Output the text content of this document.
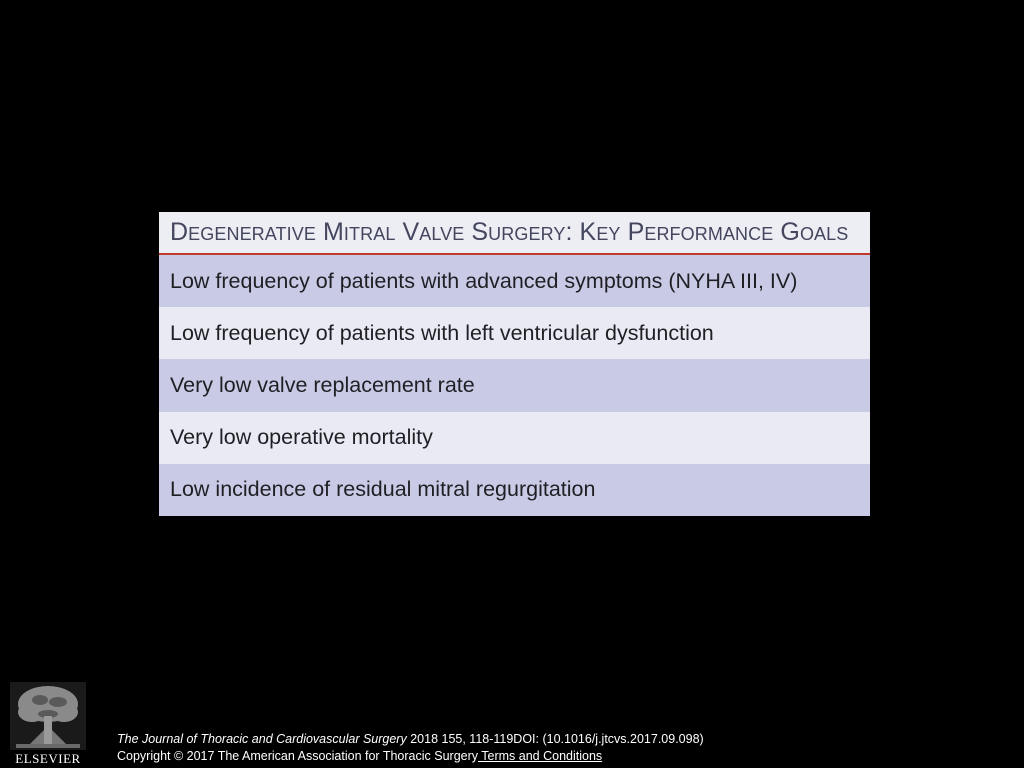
Degenerative Mitral Valve Surgery: Key Performance Goals
Low frequency of patients with advanced symptoms (NYHA III, IV)
Low frequency of patients with left ventricular dysfunction
Very low valve replacement rate
Very low operative mortality
Low incidence of residual mitral regurgitation
ELSEVIER
The Journal of Thoracic and Cardiovascular Surgery 2018 155, 118-119DOI: (10.1016/j.jtcvs.2017.09.098)
Copyright © 2017 The American Association for Thoracic Surgery Terms and Conditions
